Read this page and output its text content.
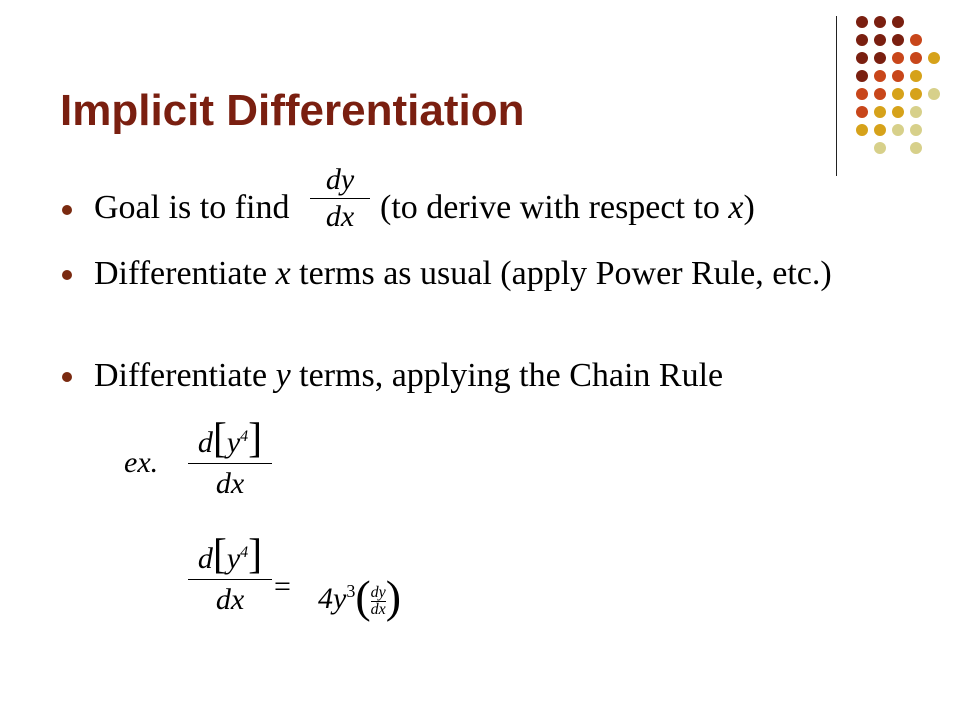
Implicit Differentiation
Goal is to find
dy
dx (to derive with respect to x)
Differentiate x terms as usual (apply Power Rule, etc.)
Differentiate y terms, applying the Chain Rule
ex.
$d[y^4]$
dx
$d[y^4]$
dx = $4y^3( \frac{dy}{dx}$ )
